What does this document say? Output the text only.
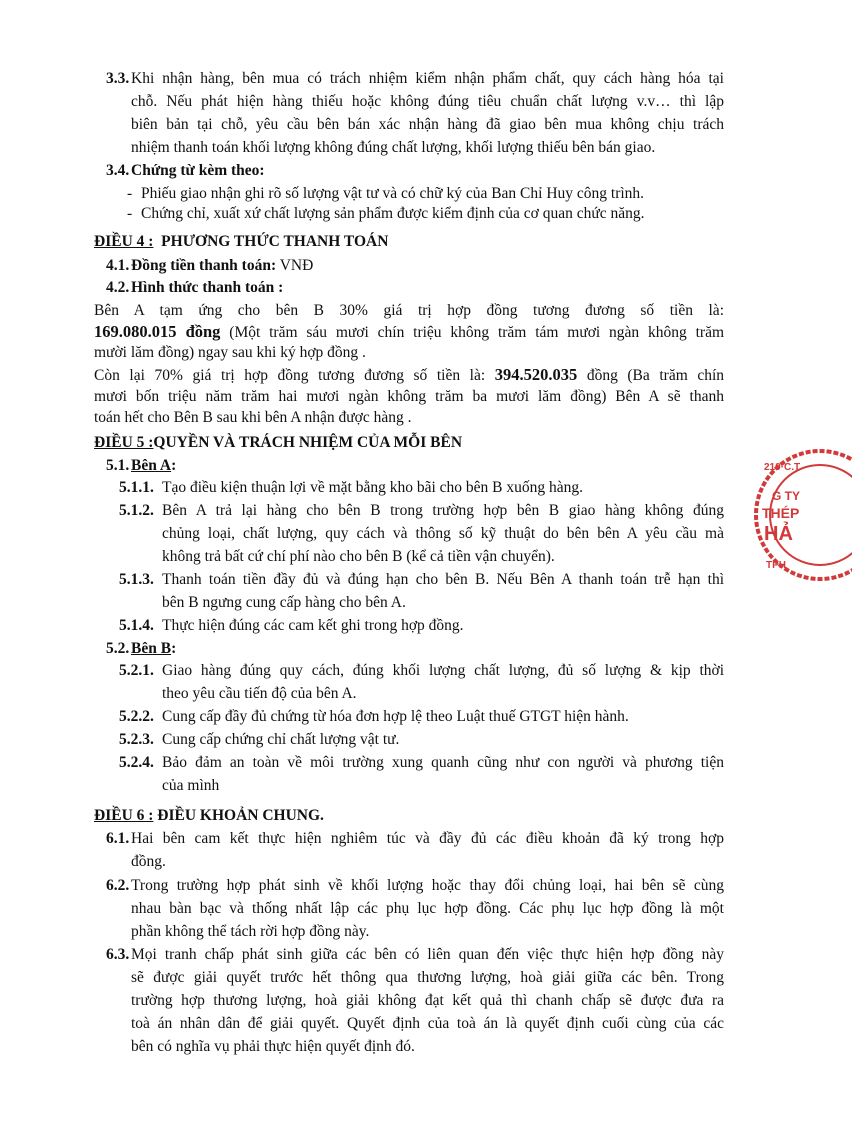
3.3. Khi nhận hàng, bên mua có trách nhiệm kiểm nhận phẩm chất, quy cách hàng hóa tại
chỗ. Nếu phát hiện hàng thiếu hoặc không đúng tiêu chuẩn chất lượng v.v… thì lập
biên bản tại chỗ, yêu cầu bên bán xác nhận hàng đã giao bên mua không chịu trách
nhiệm thanh toán khối lượng không đúng chất lượng, khối lượng thiếu bên bán giao.
3.4. Chứng từ kèm theo:
- Phiếu giao nhận ghi rõ số lượng vật tư và có chữ ký của Ban Chỉ Huy công trình.
- Chứng chỉ, xuất xứ chất lượng sản phẩm được kiểm định của cơ quan chức năng.
ĐIỀU 4 : PHƯƠNG THỨC THANH TOÁN
4.1. Đồng tiền thanh toán: VNĐ
4.2. Hình thức thanh toán :
Bên A tạm ứng cho bên B 30% giá trị hợp đồng tương đương số tiền là:
169.080.015 đồng (Một trăm sáu mươi chín triệu không trăm tám mươi ngàn không trăm
mười lăm đồng) ngay sau khi ký hợp đồng .
Còn lại 70% giá trị hợp đồng tương đương số tiền là: 394.520.035 đồng (Ba trăm chín
mươi bốn triệu năm trăm hai mươi ngàn không trăm ba mươi lăm đồng) Bên A sẽ thanh
toán hết cho Bên B sau khi bên A nhận được hàng .
ĐIỀU 5 :QUYỀN VÀ TRÁCH NHIỆM CỦA MỖI BÊN
5.1. Bên A:
5.1.1. Tạo điều kiện thuận lợi về mặt bằng kho bãi cho bên B xuống hàng.
5.1.2. Bên A trả lại hàng cho bên B trong trường hợp bên B giao hàng không đúng
chủng loại, chất lượng, quy cách và thông số kỹ thuật do bên bên A yêu cầu mà
không trả bất cứ chí phí nào cho bên B (kể cả tiền vận chuyển).
5.1.3. Thanh toán tiền đầy đủ và đúng hạn cho bên B. Nếu Bên A thanh toán trễ hạn thì
bên B ngưng cung cấp hàng cho bên A.
5.1.4. Thực hiện đúng các cam kết ghi trong hợp đồng.
5.2. Bên B:
5.2.1. Giao hàng đúng quy cách, đúng khối lượng chất lượng, đủ số lượng & kịp thời
theo yêu cầu tiến độ của bên A.
5.2.2. Cung cấp đầy đủ chứng từ hóa đơn hợp lệ theo Luật thuế GTGT hiện hành.
5.2.3. Cung cấp chứng chỉ chất lượng vật tư.
5.2.4. Bảo đảm an toàn về môi trường xung quanh cũng như con người và phương tiện
của mình
ĐIỀU 6 : ĐIỀU KHOẢN CHUNG.
6.1. Hai bên cam kết thực hiện nghiêm túc và đầy đủ các điều khoản đã ký trong hợp
đồng.
6.2. Trong trường hợp phát sinh về khối lượng hoặc thay đổi chủng loại, hai bên sẽ cùng
nhau bàn bạc và thống nhất lập các phụ lục hợp đồng. Các phụ lục hợp đồng là một
phần không thể tách rời hợp đồng này.
6.3. Mọi tranh chấp phát sinh giữa các bên có liên quan đến việc thực hiện hợp đồng này
sẽ được giải quyết trước hết thông qua thương lượng, hoà giải giữa các bên. Trong
trường hợp thương lượng, hoà giải không đạt kết quả thì chanh chấp sẽ được đưa ra
toà án nhân dân để giải quyết. Quyết định của toà án là quyết định cuối cùng của các
bên có nghĩa vụ phải thực hiện quyết định đó.
210·C.T
G TY
THÉP
HẢ
TPH
